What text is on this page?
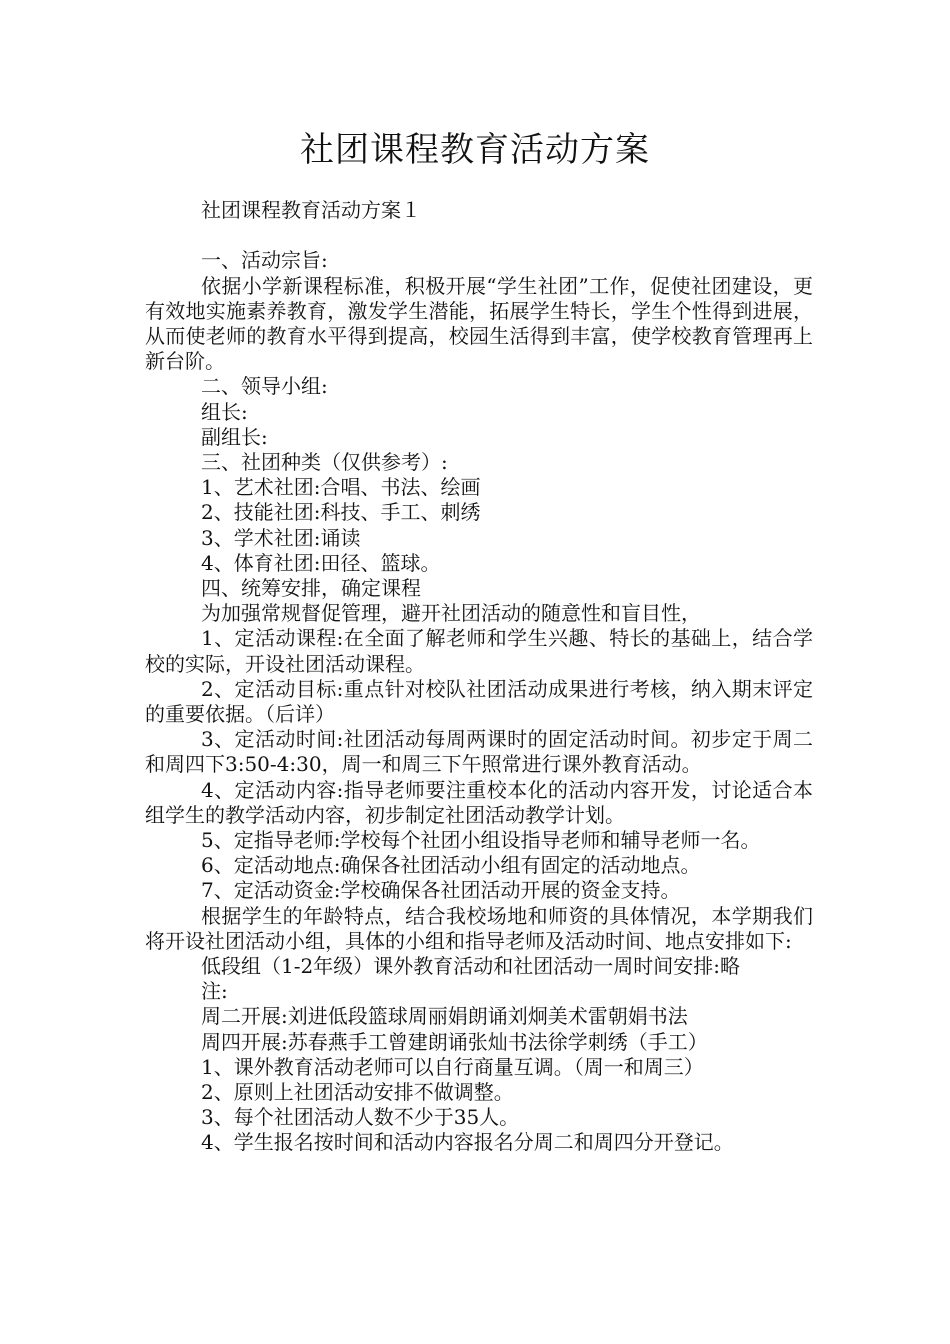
社团课程教育活动方案
社团课程教育活动方案１

一、活动宗旨:

依据小学新课程标准，积极开展“学生社团”工作，促使社团建设，更有效地实施素养教育，激发学生潜能，拓展学生特长，学生个性得到进展，从而使老师的教育水平得到提高，校园生活得到丰富，使学校教育管理再上新台阶。

二、领导小组:

组长:

副组长:

三、社团种类（仅供参考）:

1、艺术社团:合唱、书法、绘画

2、技能社团:科技、手工、刺绣

3、学术社团:诵读

4、体育社团:田径、篮球。

四、统筹安排，确定课程

为加强常规督促管理，避开社团活动的随意性和盲目性，

1、定活动课程:在全面了解老师和学生兴趣、特长的基础上，结合学校的实际，开设社团活动课程。

2、定活动目标:重点针对校队社团活动成果进行考核，纳入期末评定的重要依据。（后详）

3、定活动时间:社团活动每周两课时的固定活动时间。初步定于周二和周四下3:50-4:30，周一和周三下午照常进行课外教育活动。

4、定活动内容:指导老师要注重校本化的活动内容开发，讨论适合本组学生的教学活动内容，初步制定社团活动教学计划。

5、定指导老师:学校每个社团小组设指导老师和辅导老师一名。

6、定活动地点:确保各社团活动小组有固定的活动地点。

7、定活动资金:学校确保各社团活动开展的资金支持。

根据学生的年龄特点，结合我校场地和师资的具体情况，本学期我们将开设社团活动小组，具体的小组和指导老师及活动时间、地点安排如下:

低段组（1-2年级）课外教育活动和社团活动一周时间安排:略

注:

周二开展:刘进低段篮球周丽娟朗诵刘炯美术雷朝娟书法

周四开展:苏春燕手工曾建朗诵张灿书法徐学刺绣（手工）

1、课外教育活动老师可以自行商量互调。（周一和周三）

2、原则上社团活动安排不做调整。

3、每个社团活动人数不少于35人。

4、学生报名按时间和活动内容报名分周二和周四分开登记。
